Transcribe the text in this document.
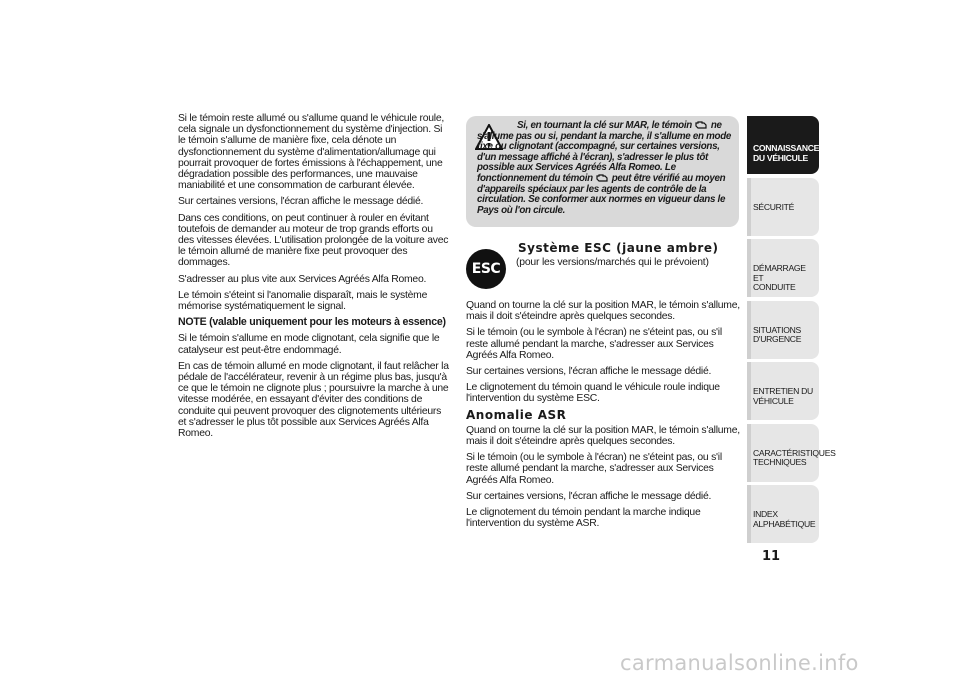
Si le témoin reste allumé ou s'allume quand le véhicule roule, cela signale un dysfonctionnement du système d'injection. Si le témoin s'allume de manière fixe, cela dénote un dysfonctionnement du système d'alimentation/allumage qui pourrait provoquer de fortes émissions à l'échappement, une dégradation possible des performances, une mauvaise maniabilité et une consommation de carburant élevée.

Sur certaines versions, l'écran affiche le message dédié.

Dans ces conditions, on peut continuer à rouler en évitant toutefois de demander au moteur de trop grands efforts ou des vitesses élevées. L'utilisation prolongée de la voiture avec le témoin allumé de manière fixe peut provoquer des dommages.

S'adresser au plus vite aux Services Agréés Alfa Romeo.

Le témoin s'éteint si l'anomalie disparaît, mais le système mémorise systématiquement le signal.

NOTE (valable uniquement pour les moteurs à essence)

Si le témoin s'allume en mode clignotant, cela signifie que le catalyseur est peut-être endommagé.

En cas de témoin allumé en mode clignotant, il faut relâcher la pédale de l'accélérateur, revenir à un régime plus bas, jusqu'à ce que le témoin ne clignote plus ; poursuivre la marche à une vitesse modérée, en essayant d'éviter des conditions de conduite qui peuvent provoquer des clignotements ultérieurs et s'adresser le plus tôt possible aux Services Agréés Alfa Romeo.

Si, en tournant la clé sur MAR, le témoin ne s'allume pas ou si, pendant la marche, il s'allume en mode fixe ou clignotant (accompagné, sur certaines versions, d'un message affiché à l'écran), s'adresser le plus tôt possible aux Services Agréés Alfa Romeo. Le fonctionnement du témoin peut être vérifié au moyen d'appareils spéciaux par les agents de contrôle de la circulation. Se conformer aux normes en vigueur dans le Pays où l'on circule.
ESC
Système ESC (jaune ambre)
(pour les versions/marchés qui le prévoient)

Quand on tourne la clé sur la position MAR, le témoin s'allume, mais il doit s'éteindre après quelques secondes.

Si le témoin (ou le symbole à l'écran) ne s'éteint pas, ou s'il reste allumé pendant la marche, s'adresser aux Services Agréés Alfa Romeo.

Sur certaines versions, l'écran affiche le message dédié.

Le clignotement du témoin quand le véhicule roule indique l'intervention du système ESC.

Anomalie ASR

Quand on tourne la clé sur la position MAR, le témoin s'allume, mais il doit s'éteindre après quelques secondes.

Si le témoin (ou le symbole à l'écran) ne s'éteint pas, ou s'il reste allumé pendant la marche, s'adresser aux Services Agréés Alfa Romeo.

Sur certaines versions, l'écran affiche le message dédié.

Le clignotement du témoin pendant la marche indique l'intervention du système ASR.

CONNAISSANCE
DU VÉHICULE
SÉCURITÉ
DÉMARRAGE ET
CONDUITE
SITUATIONS
D'URGENCE
ENTRETIEN DU
VÉHICULE
CARACTÉRISTIQUES
TECHNIQUES
INDEX
ALPHABÉTIQUE
11
carmanualsonline.info
